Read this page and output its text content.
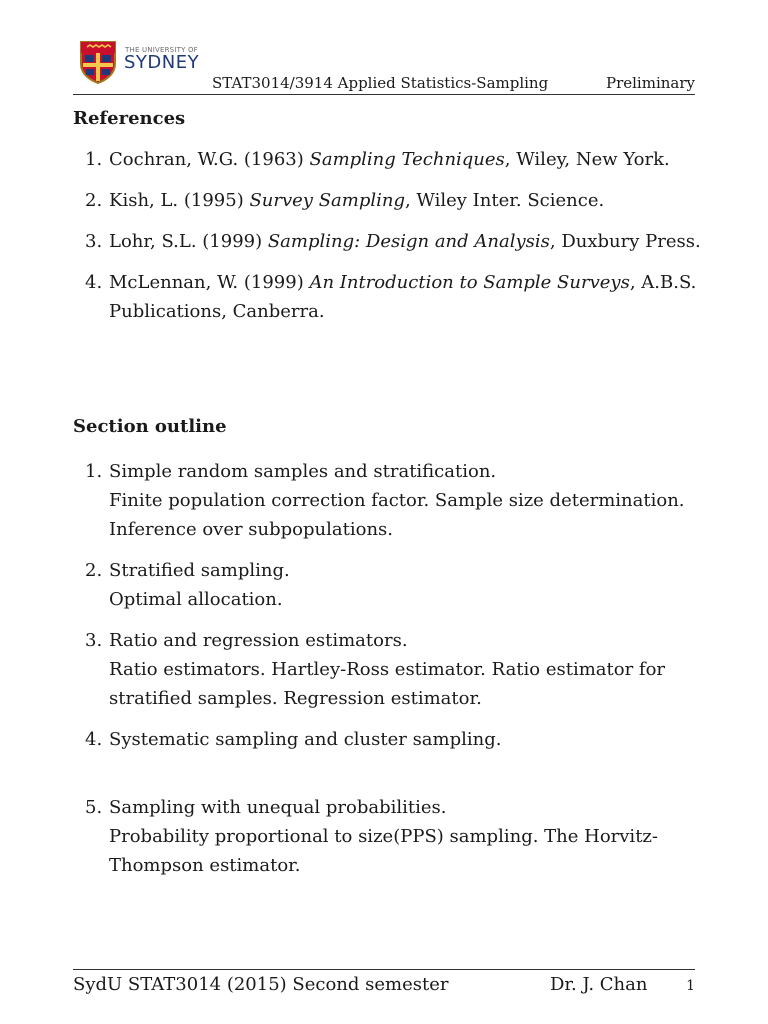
THE UNIVERSITY OF
SYDNEY
STAT3014/3914 Applied Statistics-Sampling	Preliminary
References
1. Cochran, W.G. (1963) Sampling Techniques, Wiley, New York.
2. Kish, L. (1995) Survey Sampling, Wiley Inter. Science.
3. Lohr, S.L. (1999) Sampling: Design and Analysis, Duxbury Press.
4. McLennan, W. (1999) An Introduction to Sample Surveys, A.B.S. Publications, Canberra.
Section outline
1. Simple random samples and stratification.
Finite population correction factor. Sample size determination. Inference over subpopulations.
2. Stratified sampling.
Optimal allocation.
3. Ratio and regression estimators.
Ratio estimators. Hartley-Ross estimator. Ratio estimator for stratified samples. Regression estimator.
4. Systematic sampling and cluster sampling.
5. Sampling with unequal probabilities.
Probability proportional to size(PPS) sampling. The Horvitz-Thompson estimator.
SydU STAT3014 (2015) Second semester	Dr. J. Chan	1
